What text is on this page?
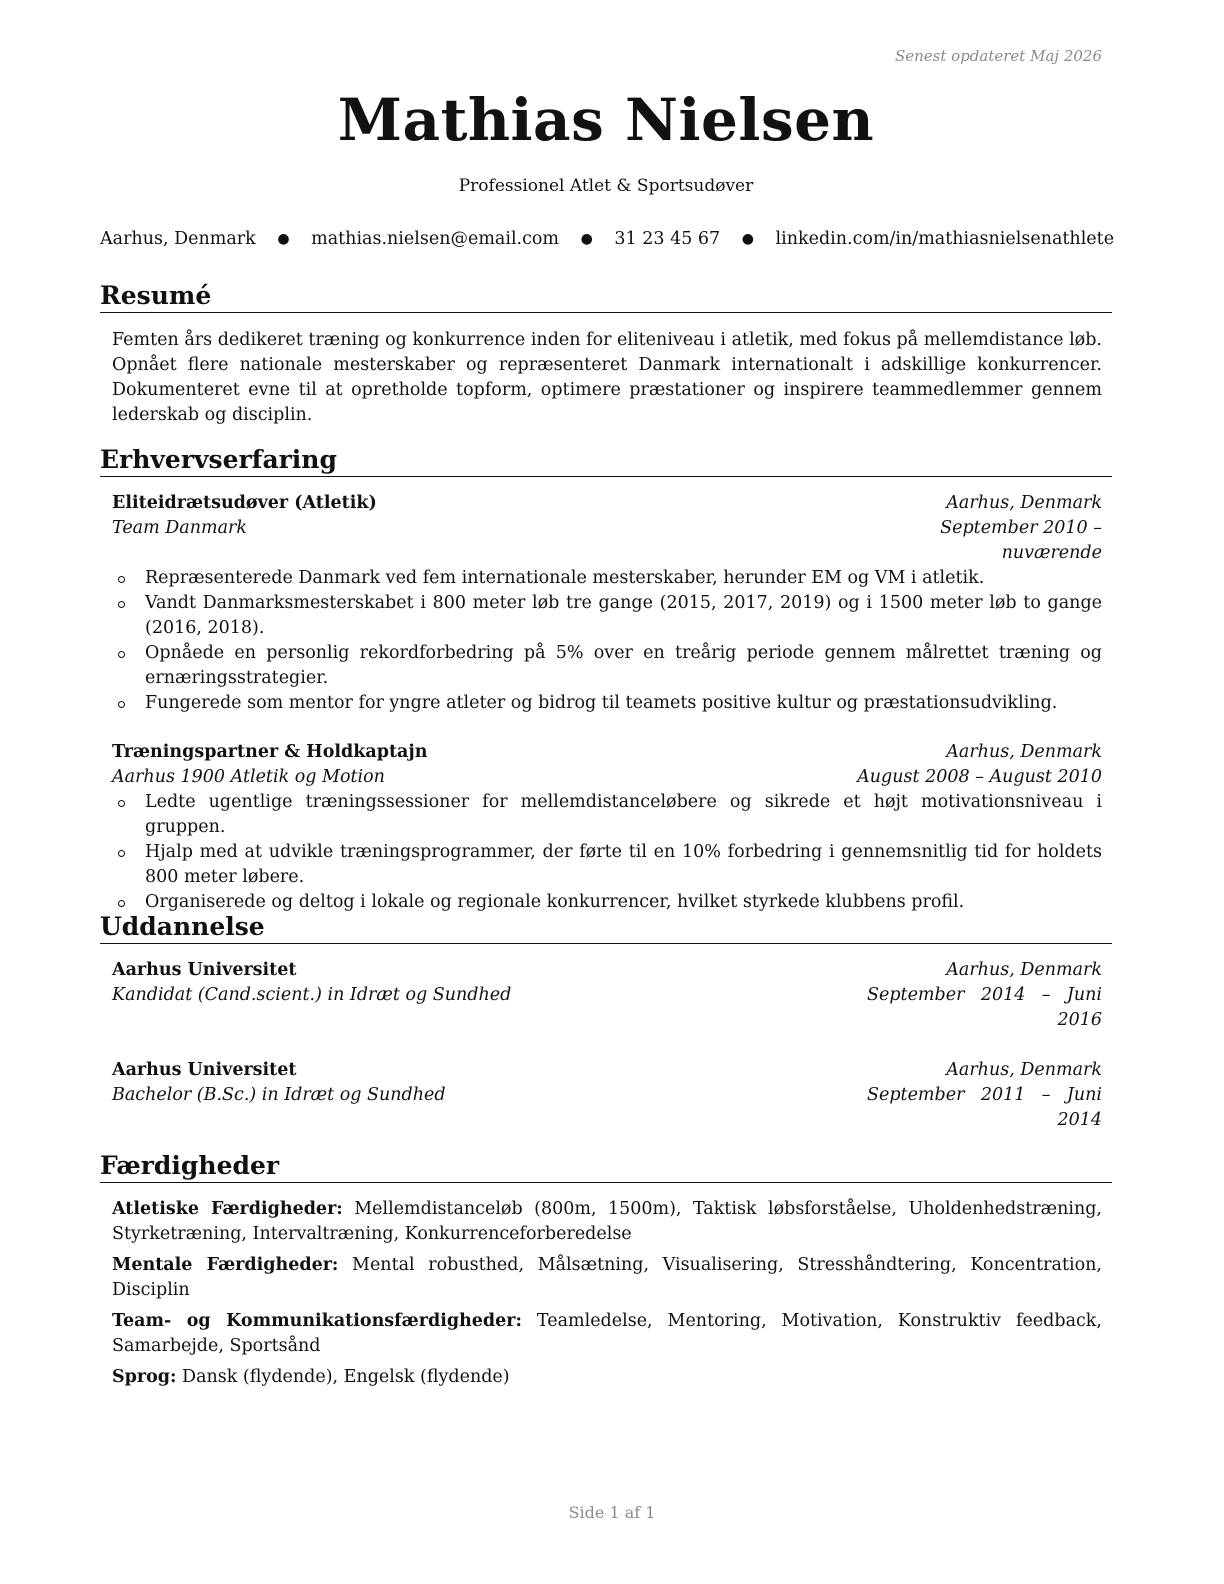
Senest opdateret Maj 2026
Mathias Nielsen
Professionel Atlet & Sportsudøver
Aarhus, Denmark ● mathias.nielsen@email.com ● 31 23 45 67 ● linkedin.com/in/mathiasnielsenathlete
Resumé
Femten års dedikeret træning og konkurrence inden for eliteniveau i atletik, med fokus på mellemdistance løb. Opnået flere nationale mesterskaber og repræsenteret Danmark internationalt i adskillige konkurrencer. Dokumenteret evne til at opretholde topform, optimere præstationer og inspirere teammedlemmer gennem lederskab og disciplin.
Erhvervserfaring
Eliteidrætsudøver (Atletik)	Aarhus, Denmark
Team Danmark	September 2010 – nuværende
Repræsenterede Danmark ved fem internationale mesterskaber, herunder EM og VM i atletik.
Vandt Danmarksmesterskabet i 800 meter løb tre gange (2015, 2017, 2019) og i 1500 meter løb to gange (2016, 2018).
Opnåede en personlig rekordforbedring på 5% over en treårig periode gennem målrettet træning og ernæringsstrategier.
Fungerede som mentor for yngre atleter og bidrog til teamets positive kultur og præstationsudvikling.
Træningspartner & Holdkaptajn	Aarhus, Denmark
Aarhus 1900 Atletik og Motion	August 2008 – August 2010
Ledte ugentlige træningssessioner for mellemdistanceløbere og sikrede et højt motivationsniveau i gruppen.
Hjalp med at udvikle træningsprogrammer, der førte til en 10% forbedring i gennemsnitlig tid for holdets 800 meter løbere.
Organiserede og deltog i lokale og regionale konkurrencer, hvilket styrkede klubbens profil.
Uddannelse
Aarhus Universitet	Aarhus, Denmark
Kandidat (Cand.scient.) in Idræt og Sundhed	September 2014 – Juni 2016
Aarhus Universitet	Aarhus, Denmark
Bachelor (B.Sc.) in Idræt og Sundhed	September 2011 – Juni 2014
Færdigheder
Atletiske Færdigheder: Mellemdistanceløb (800m, 1500m), Taktisk løbsforståelse, Uholdenhedstræning, Styrketræning, Intervaltræning, Konkurrenceforberedelse
Mentale Færdigheder: Mental robusthed, Målsætning, Visualisering, Stresshåndtering, Koncentration, Disciplin
Team- og Kommunikationsfærdigheder: Teamledelse, Mentoring, Motivation, Konstruktiv feedback, Samarbejde, Sportsånd
Sprog: Dansk (flydende), Engelsk (flydende)
Side 1 af 1
